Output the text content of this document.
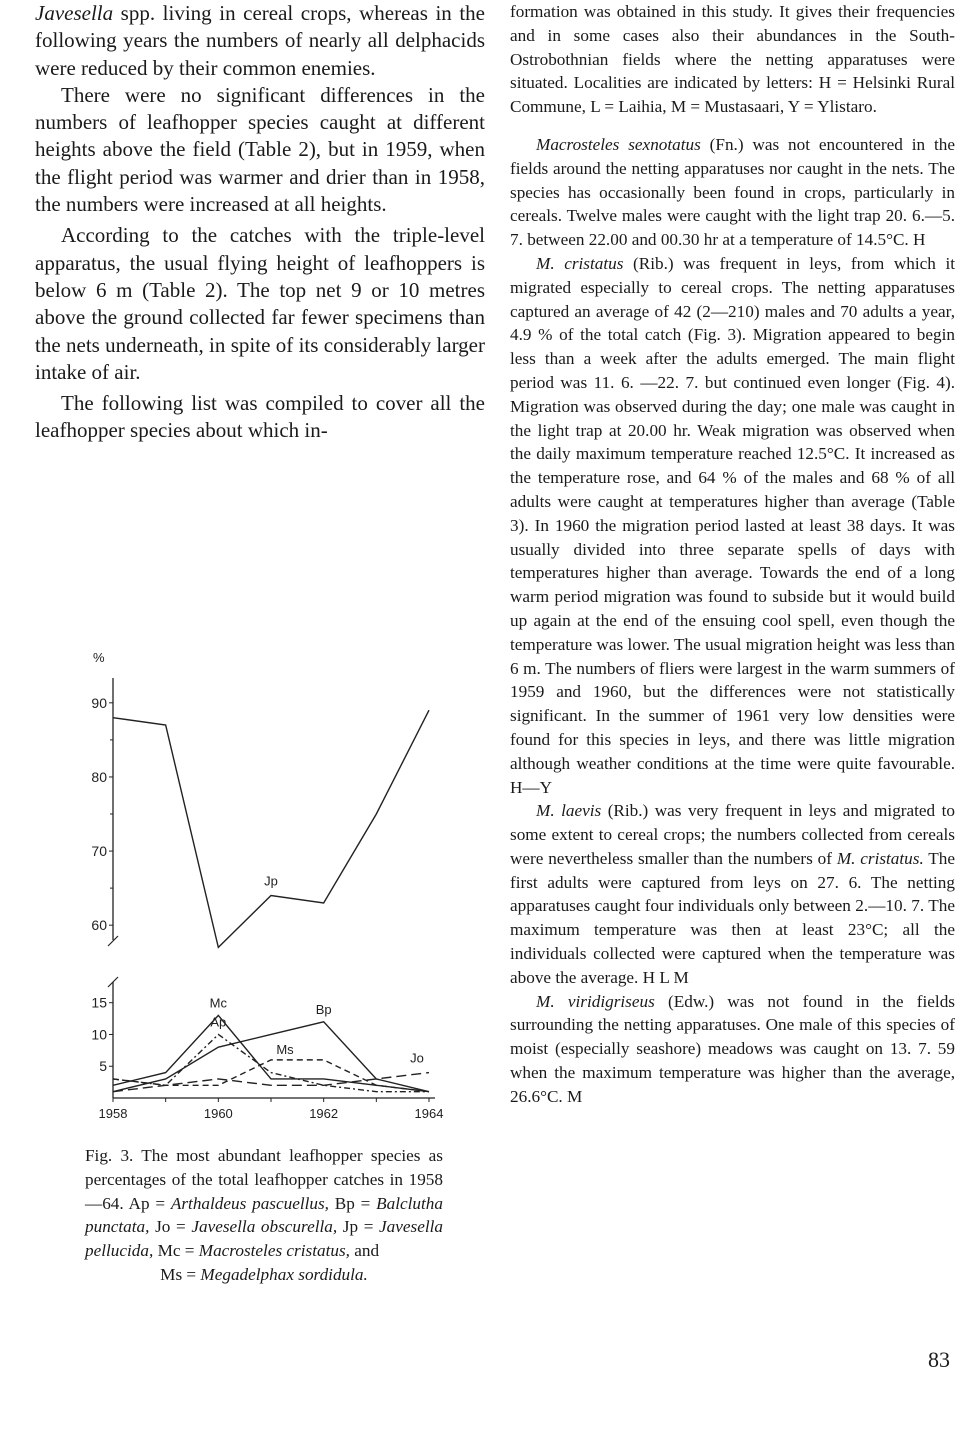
Javesella spp. living in cereal crops, whereas in the following years the numbers of nearly all delphacids were reduced by their common enemies.

There were no significant differences in the numbers of leafhopper species caught at different heights above the field (Table 2), but in 1959, when the flight period was warmer and drier than in 1958, the numbers were increased at all heights.

According to the catches with the triple-level apparatus, the usual flying height of leafhoppers is below 6 m (Table 2). The top net 9 or 10 metres above the ground collected far fewer specimens than the nets underneath, in spite of its considerably larger intake of air.

The following list was compiled to cover all the leafhopper species about which in-

%
90
80
70
60
15
10
5
1958	1960	1962	1964
Jp
Mc	Bp
Ap
Ms
Jo
Fig. 3. The most abundant leafhopper species as percentages of the total leafhopper catches in 1958—64. Ap = Arthaldeus pascuellus, Bp = Balclutha punctata, Jo = Javesella obscurella, Jp = Javesella pellucida, Mc = Macrosteles cristatus, and
Ms = Megadelphax sordidula.

formation was obtained in this study. It gives their frequencies and in some cases also their abundances in the South-Ostrobothnian fields where the netting apparatuses were situated. Localities are indicated by letters: H = Helsinki Rural Commune, L = Laihia, M = Mustasaari, Y = Ylistaro.

Macrosteles sexnotatus (Fn.) was not encountered in the fields around the netting apparatuses nor caught in the nets. The species has occasionally been found in crops, particularly in cereals. Twelve males were caught with the light trap 20. 6.—5. 7. between 22.00 and 00.30 hr at a temperature of 14.5°C. H

M. cristatus (Rib.) was frequent in leys, from which it migrated especially to cereal crops. The netting apparatuses captured an average of 42 (2—210) males and 70 adults a year, 4.9 % of the total catch (Fig. 3). Migration appeared to begin less than a week after the adults emerged. The main flight period was 11. 6. —22. 7. but continued even longer (Fig. 4). Migration was observed during the day; one male was caught in the light trap at 20.00 hr. Weak migration was observed when the daily maximum temperature reached 12.5°C. It increased as the temperature rose, and 64 % of the males and 68 % of all adults were caught at temperatures higher than average (Table 3). In 1960 the migration period lasted at least 38 days. It was usually divided into three separate spells of days with temperatures higher than average. Towards the end of a long warm period migration was found to subside but it would build up again at the end of the ensuing cool spell, even though the temperature was lower. The usual migration height was less than 6 m. The numbers of fliers were largest in the warm summers of 1959 and 1960, but the differences were not statistically significant. In the summer of 1961 very low densities were found for this species in leys, and there was little migration although weather conditions at the time were quite favourable. H—Y

M. laevis (Rib.) was very frequent in leys and migrated to some extent to cereal crops; the numbers collected from cereals were nevertheless smaller than the numbers of M. cristatus. The first adults were captured from leys on 27. 6. The netting apparatuses caught four individuals only between 2.—10. 7. The maximum temperature was then at least 23°C; all the individuals collected were captured when the temperature was above the average. H L M

M. viridigriseus (Edw.) was not found in the fields surrounding the netting apparatuses. One male of this species of moist (especially seashore) meadows was caught on 13. 7. 59 when the maximum temperature was higher than the average, 26.6°C. M

83
